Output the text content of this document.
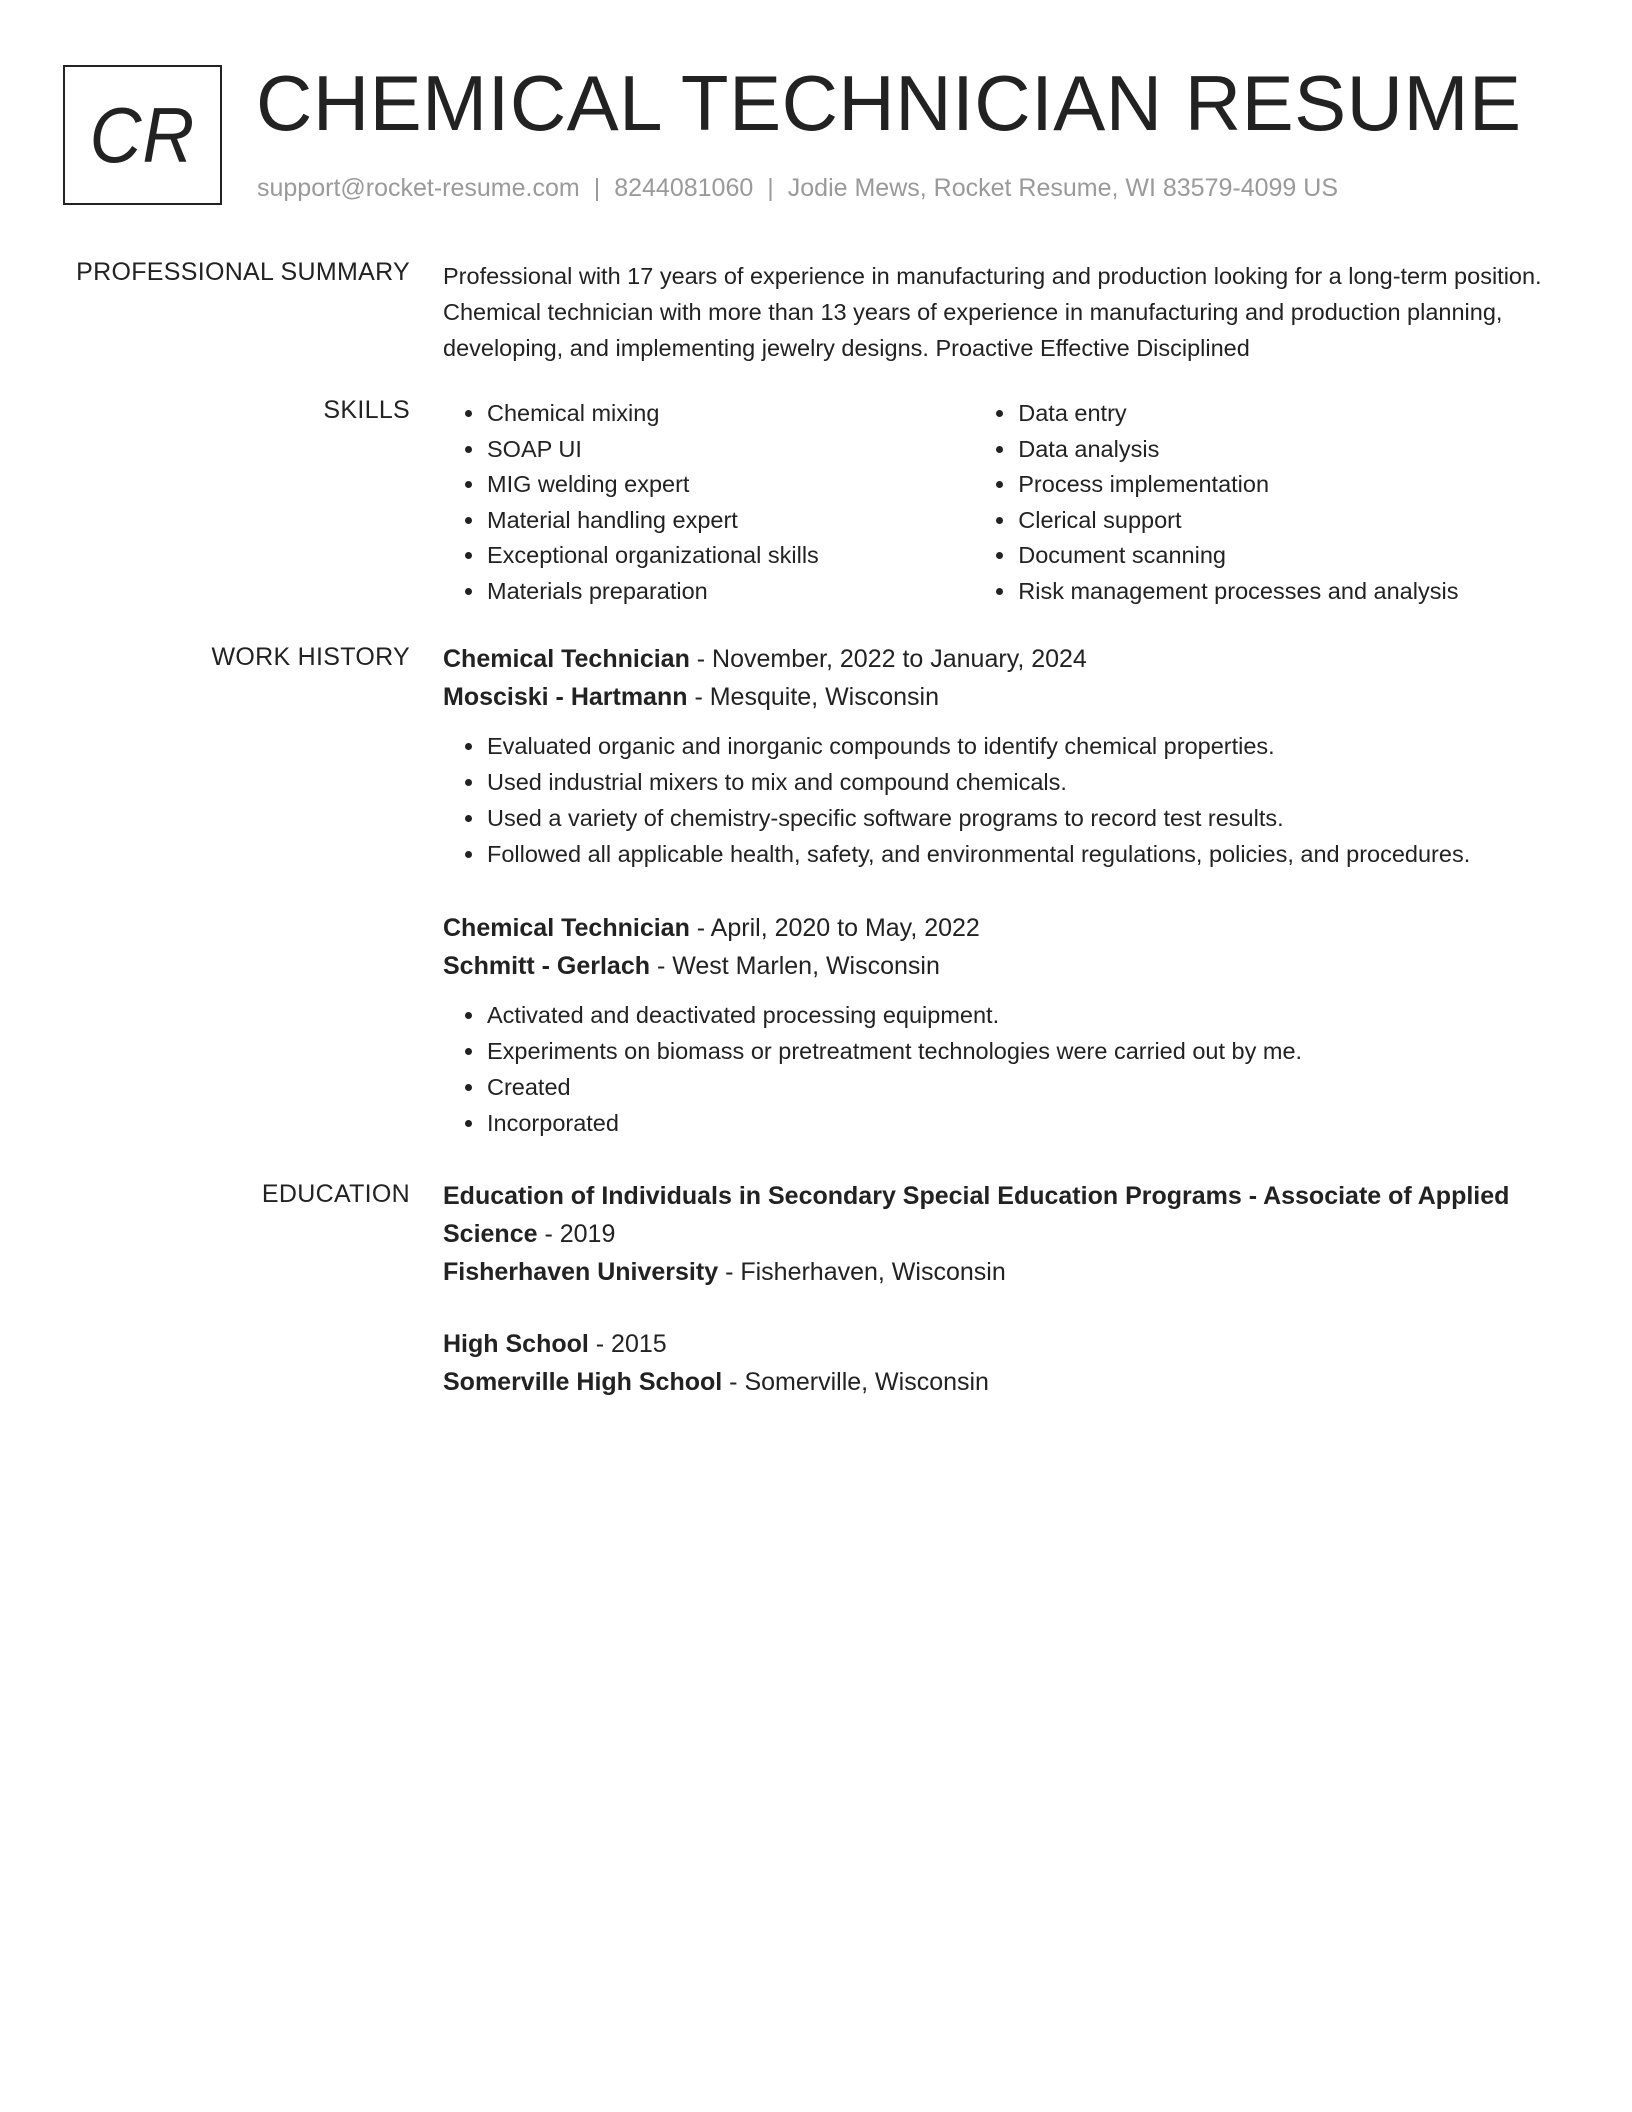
CR CHEMICAL TECHNICIAN RESUME
support@rocket-resume.com | 8244081060 | Jodie Mews, Rocket Resume, WI 83579-4099 US
PROFESSIONAL SUMMARY Professional with 17 years of experience in manufacturing and production looking for a long-term position. Chemical technician with more than 13 years of experience in manufacturing and production planning, developing, and implementing jewelry designs. Proactive Effective Disciplined
SKILLS
•	Chemical mixing
• SOAP UI
• MIG welding expert
• Material handling expert
• Exceptional organizational skills
• Materials preparation
• Data entry
• Data analysis
• Process implementation
• Clerical support
• Document scanning
• Risk management processes and analysis
WORK HISTORY Chemical Technician - November, 2022 to January, 2024
Mosciski - Hartmann - Mesquite, Wisconsin
• Evaluated organic and inorganic compounds to identify chemical properties.
• Used industrial mixers to mix and compound chemicals.
• Used a variety of chemistry-specific software programs to record test results.
• Followed all applicable health, safety, and environmental regulations, policies, and procedures.
Chemical Technician - April, 2020 to May, 2022
Schmitt - Gerlach - West Marlen, Wisconsin
• Activated and deactivated processing equipment.
• Experiments on biomass or pretreatment technologies were carried out by me.
• Created
• Incorporated
EDUCATION Education of Individuals in Secondary Special Education Programs - Associate of Applied Science - 2019
Fisherhaven University - Fisherhaven, Wisconsin
High School - 2015
Somerville High School - Somerville, Wisconsin
